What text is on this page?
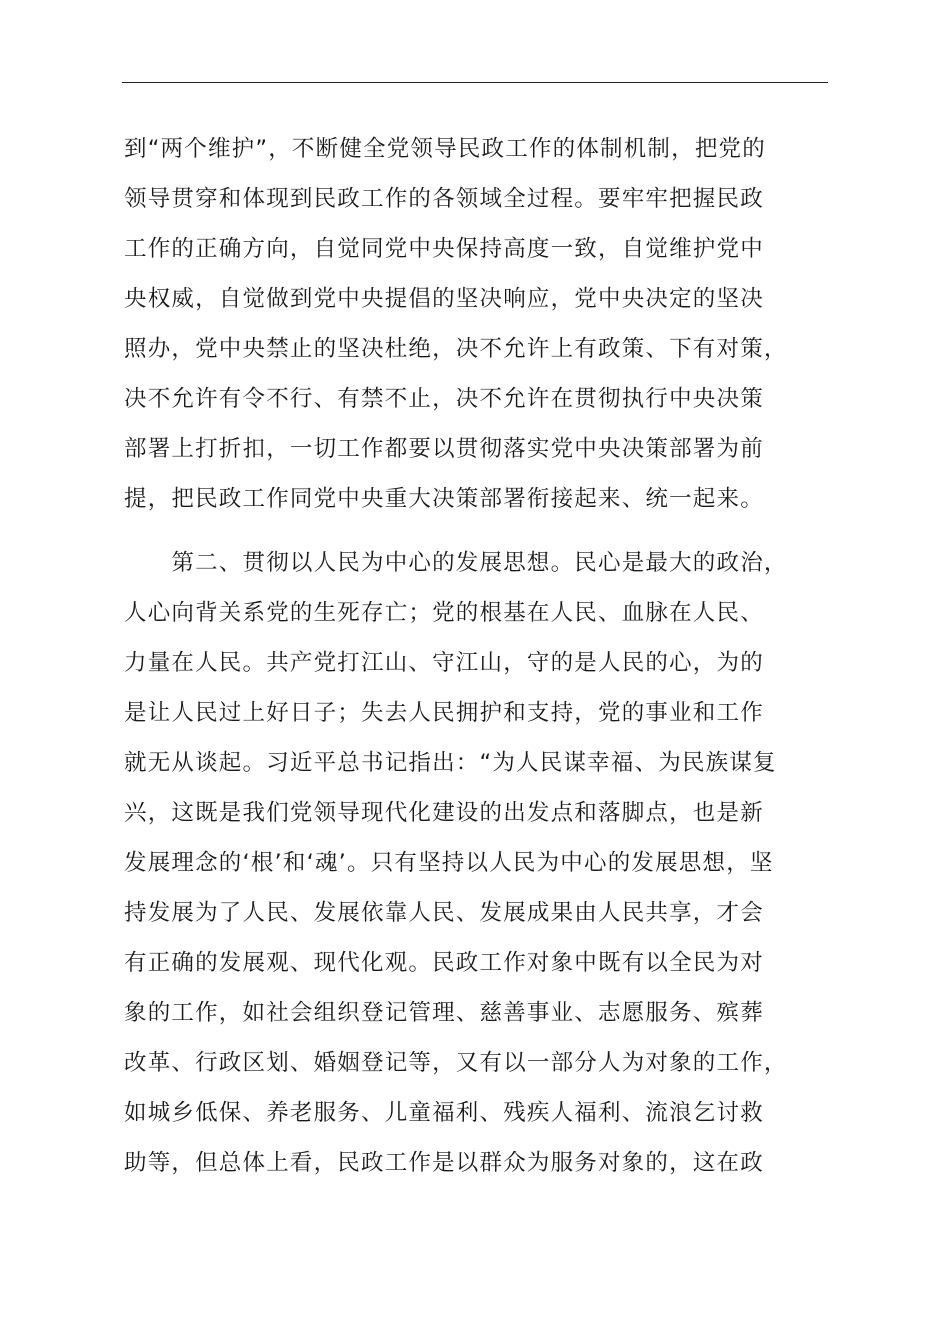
到“两个维护”，不断健全党领导民政工作的体制机制，把党的
领导贯穿和体现到民政工作的各领域全过程。要牢牢把握民政
工作的正确方向，自觉同党中央保持高度一致，自觉维护党中
央权威，自觉做到党中央提倡的坚决响应，党中央决定的坚决
照办，党中央禁止的坚决杜绝，决不允许上有政策、下有对策，
决不允许有令不行、有禁不止，决不允许在贯彻执行中央决策
部署上打折扣，一切工作都要以贯彻落实党中央决策部署为前
提，把民政工作同党中央重大决策部署衔接起来、统一起来。
　　第二、贯彻以人民为中心的发展思想。民心是最大的政治，
人心向背关系党的生死存亡；党的根基在人民、血脉在人民、
力量在人民。共产党打江山、守江山，守的是人民的心，为的
是让人民过上好日子；失去人民拥护和支持，党的事业和工作
就无从谈起。习近平总书记指出：“为人民谋幸福、为民族谋复
兴，这既是我们党领导现代化建设的出发点和落脚点，也是新
发展理念的‘根’和‘魂’。只有坚持以人民为中心的发展思想，坚
持发展为了人民、发展依靠人民、发展成果由人民共享，才会
有正确的发展观、现代化观。民政工作对象中既有以全民为对
象的工作，如社会组织登记管理、慈善事业、志愿服务、殡葬
改革、行政区划、婚姻登记等，又有以一部分人为对象的工作，
如城乡低保、养老服务、儿童福利、残疾人福利、流浪乞讨救
助等，但总体上看，民政工作是以群众为服务对象的，这在政
